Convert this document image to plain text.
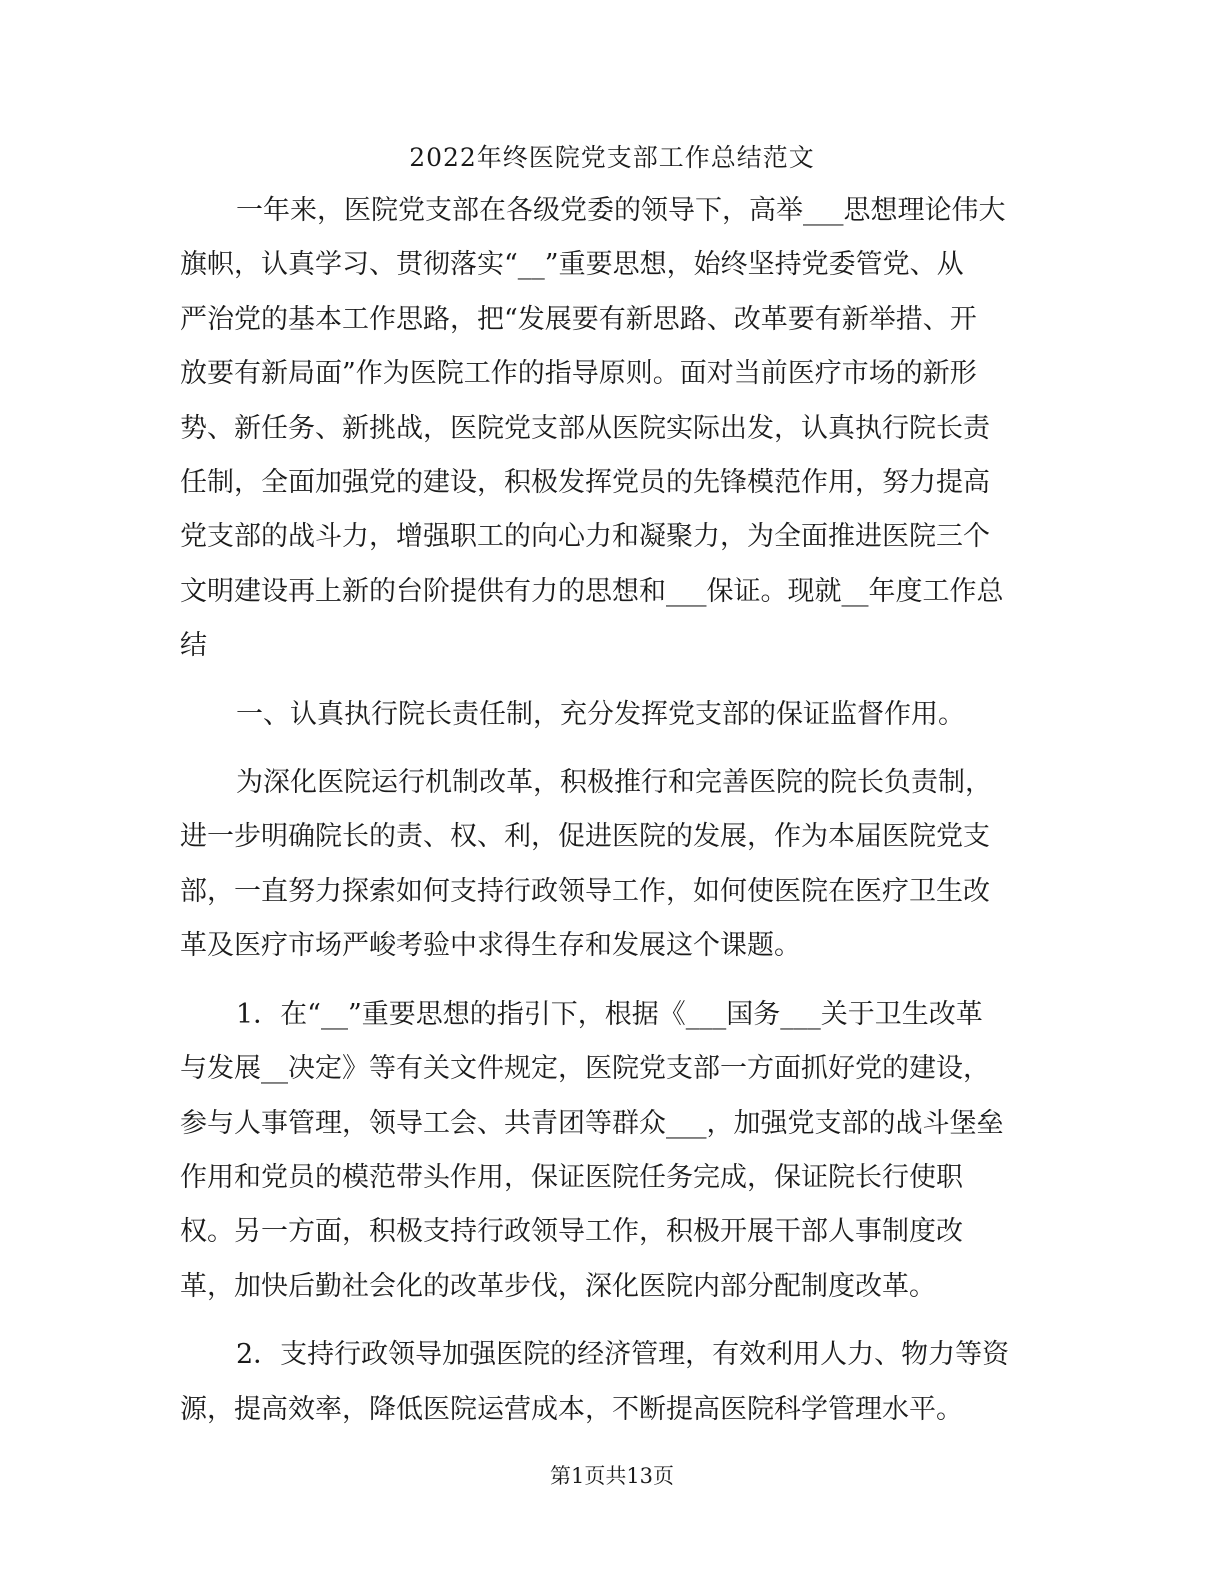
2022年终医院党支部工作总结范文

一年来，医院党支部在各级党委的领导下，高举___思想理论伟大
旗帜，认真学习、贯彻落实“__”重要思想，始终坚持党委管党、从
严治党的基本工作思路，把“发展要有新思路、改革要有新举措、开
放要有新局面”作为医院工作的指导原则。面对当前医疗市场的新形
势、新任务、新挑战，医院党支部从医院实际出发，认真执行院长责
任制，全面加强党的建设，积极发挥党员的先锋模范作用，努力提高
党支部的战斗力，增强职工的向心力和凝聚力，为全面推进医院三个
文明建设再上新的台阶提供有力的思想和___保证。现就__年度工作总
结

一、认真执行院长责任制，充分发挥党支部的保证监督作用。

为深化医院运行机制改革，积极推行和完善医院的院长负责制，
进一步明确院长的责、权、利，促进医院的发展，作为本届医院党支
部，一直努力探索如何支持行政领导工作，如何使医院在医疗卫生改
革及医疗市场严峻考验中求得生存和发展这个课题。

1．在“__”重要思想的指引下，根据《___国务___关于卫生改革
与发展__决定》等有关文件规定，医院党支部一方面抓好党的建设，
参与人事管理，领导工会、共青团等群众___，加强党支部的战斗堡垒
作用和党员的模范带头作用，保证医院任务完成，保证院长行使职
权。另一方面，积极支持行政领导工作，积极开展干部人事制度改
革，加快后勤社会化的改革步伐，深化医院内部分配制度改革。

2．支持行政领导加强医院的经济管理，有效利用人力、物力等资
源，提高效率，降低医院运营成本，不断提高医院科学管理水平。

第1页共13页
